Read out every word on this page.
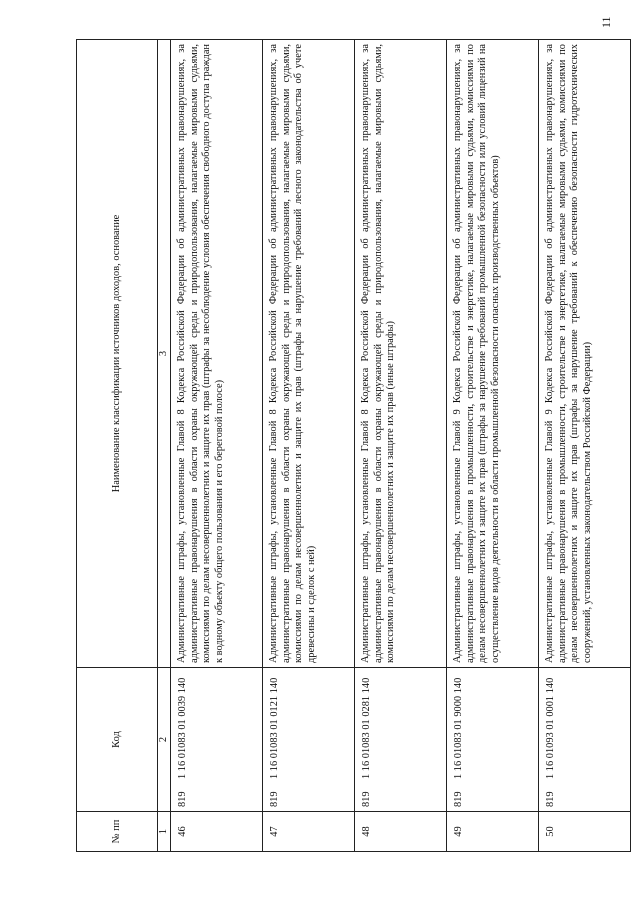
11
№ пп	Код	Наименование классификации источников доходов, основание
1	2	3
46	8191 16 01083 01 0039 140	Административные штрафы, установленные Главой 8 Кодекса Российской Федерации об административных правонарушениях, за административные правонарушения в области охраны окружающей среды и природопользования, налагаемые мировыми судьями, комиссиями по делам несовершеннолетних и защите их прав (штрафы за несоблюдение условия обеспечения свободного доступа граждан к водному объекту общего пользования и его береговой полосе)
47	8191 16 01083 01 0121 140	Административные штрафы, установленные Главой 8 Кодекса Российской Федерации об административных правонарушениях, за административные правонарушения в области охраны окружающей среды и природопользования, налагаемые мировыми судьями, комиссиями по делам несовершеннолетних и защите их прав (штрафы за нарушение требований лесного законодательства об учете древесины и сделок с ней)
48	8191 16 01083 01 0281 140	Административные штрафы, установленные Главой 8 Кодекса Российской Федерации об административных правонарушениях, за административные правонарушения в области охраны окружающей среды и природопользования, налагаемые мировыми судьями, комиссиями по делам несовершеннолетних и защите их прав (иные штрафы)
49	8191 16 01083 01 9000 140	Административные штрафы, установленные Главой 9 Кодекса Российской Федерации об административных правонарушениях, за административные правонарушения в промышленности, строительстве и энергетике, налагаемые мировыми судьями, комиссиями по делам несовершеннолетних и защите их прав (штрафы за нарушение требований промышленной безопасности или условий лицензий на осуществление видов деятельности в области промышленной безопасности опасных производственных объектов)
50	8191 16 01093 01 0001 140	Административные штрафы, установленные Главой 9 Кодекса Российской Федерации об административных правонарушениях, за административные правонарушения в промышленности, строительстве и энергетике, налагаемые мировыми судьями, комиссиями по делам несовершеннолетних и защите их прав (штрафы за нарушение требований к обеспечению безопасности гидротехнических сооружений, установленных законодательством Российской Федерации)
